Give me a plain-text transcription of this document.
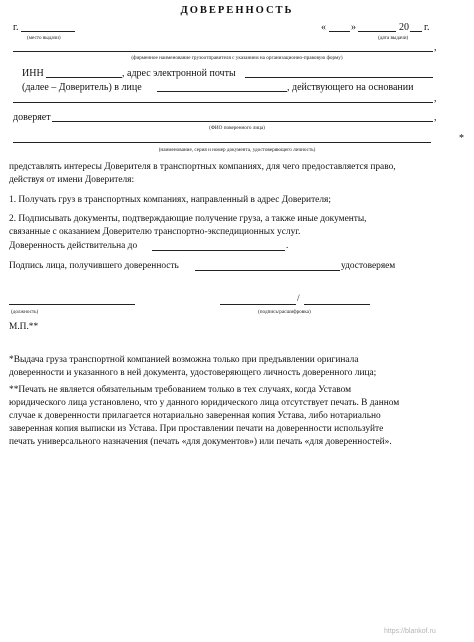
ДОВЕРЕННОСТЬ
г.
(место выдачи)
«	»	20 г.
(дата выдачи)
,
(фирменное наименование грузоотправителя с указанием на организационно-правовую форму)
ИНН	, адрес электронной почты
(далее – Доверитель) в лице	, действующего на основании
,
доверяет	,
(ФИО поверенного лица)
*
(наименование, серия и номер документа, удостоверяющего личность)
представлять интересы Доверителя в транспортных компаниях, для чего предоставляется право,
действуя от имени Доверителя:
1. Получать груз в транспортных компаниях, направленный в адрес Доверителя;
2. Подписывать документы, подтверждающие получение груза, а также иные документы,
связанные с оказанием Доверителю транспортно-экспедиционных услуг.
Доверенность действительна до	.
Подпись лица, получившего доверенность	удостоверяем
(должность)
/
(подпись/расшифровка)
М.П.**
*Выдача груза транспортной компанией возможна только при предъявлении оригинала
доверенности и указанного в ней документа, удостоверяющего личность доверенного лица;
**Печать не является обязательным требованием только в тех случаях, когда Уставом
юридического лица установлено, что у данного юридического лица отсутствует печать. В данном
случае к доверенности прилагается нотариально заверенная копия Устава, либо нотариально
заверенная копия выписки из Устава. При проставлении печати на доверенности используйте
печать универсального назначения (печать «для документов») или печать «для доверенностей».
https://blankof.ru
